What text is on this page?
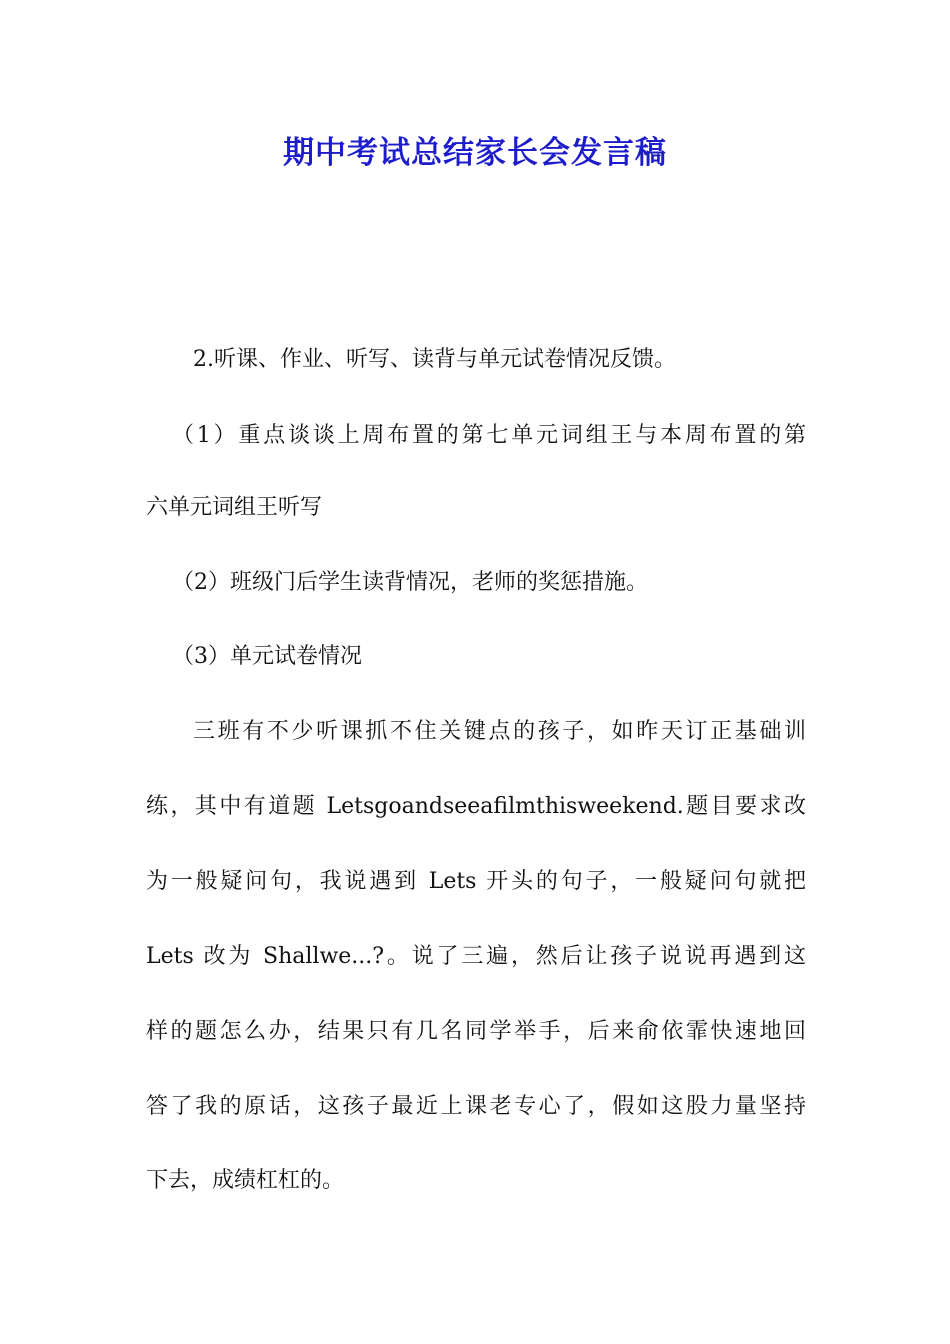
期中考试总结家长会发言稿
2.听课、作业、听写、读背与单元试卷情况反馈。
（1）重点谈谈上周布置的第七单元词组王与本周布置的第
六单元词组王听写
（2）班级门后学生读背情况，老师的奖惩措施。
（3）单元试卷情况
三班有不少听课抓不住关键点的孩子，如昨天订正基础训
练，其中有道题 Letsgoandseeafilmthisweekend.题目要求改
为一般疑问句，我说遇到 Lets 开头的句子，一般疑问句就把
Lets 改为 Shallwe...?。说了三遍，然后让孩子说说再遇到这
样的题怎么办，结果只有几名同学举手，后来俞依霏快速地回
答了我的原话，这孩子最近上课老专心了，假如这股力量坚持
下去，成绩杠杠的。
